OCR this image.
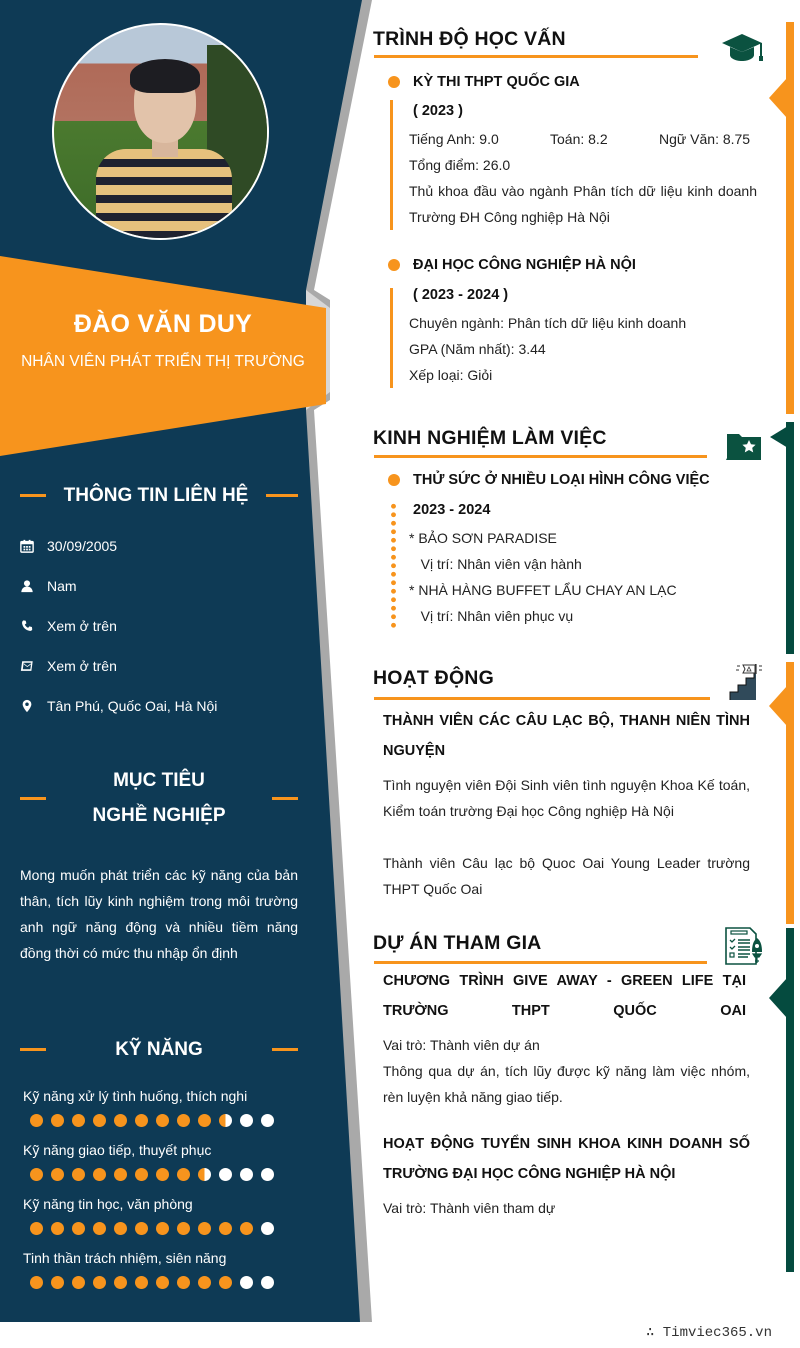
ĐÀO VĂN DUY
NHÂN VIÊN PHÁT TRIỂN THỊ TRƯỜNG
THÔNG TIN LIÊN HỆ
30/09/2005
Nam
Xem ở trên
Xem ở trên
Tân Phú, Quốc Oai, Hà Nội
MỤC TIÊU NGHỀ NGHIỆP
Mong muốn phát triển các kỹ năng của bản thân, tích lũy kinh nghiệm trong môi trường anh ngữ năng động và nhiều tiềm năng đồng thời có mức thu nhập ổn định
KỸ NĂNG
Kỹ năng xử lý tình huống, thích nghi
Kỹ năng giao tiếp, thuyết phục
Kỹ năng tin học, văn phòng
Tinh thần trách nhiệm, siên năng
TRÌNH ĐỘ HỌC VẤN
KỲ THI THPT QUỐC GIA
( 2023 )
Tiếng Anh: 9.0	Toán: 8.2	Ngữ Văn: 8.75
Tổng điểm: 26.0
Thủ khoa đầu vào ngành Phân tích dữ liệu kinh doanh
Trường ĐH Công nghiệp Hà Nội
ĐẠI HỌC CÔNG NGHIỆP HÀ NỘI
( 2023 - 2024 )
Chuyên ngành: Phân tích dữ liệu kinh doanh
GPA (Năm nhất): 3.44
Xếp loại: Giỏi
KINH NGHIỆM LÀM VIỆC
THỬ SỨC Ở NHIỀU LOẠI HÌNH CÔNG VIỆC
2023 - 2024
* BẢO SƠN PARADISE
Vị trí: Nhân viên vận hành
* NHÀ HÀNG BUFFET LẨU CHAY AN LẠC
Vị trí: Nhân viên phục vụ
HOẠT ĐỘNG
THÀNH VIÊN CÁC CÂU LẠC BỘ, THANH NIÊN TÌNH NGUYỆN
Tình nguyện viên Đội Sinh viên tình nguyện Khoa Kế toán, Kiểm toán trường Đại học Công nghiệp Hà Nội
Thành viên Câu lạc bộ Quoc Oai Young Leader trường THPT Quốc Oai
DỰ ÁN THAM GIA
CHƯƠNG TRÌNH GIVE AWAY - GREEN LIFE TẠI TRƯỜNG THPT QUỐC OAI
Vai trò: Thành viên dự án
Thông qua dự án, tích lũy được kỹ năng làm việc nhóm, rèn luyện khả năng giao tiếp.
HOẠT ĐỘNG TUYỂN SINH KHOA KINH DOANH SỐ TRƯỜNG ĐẠI HỌC CÔNG NGHIỆP HÀ NỘI
Vai trò: Thành viên tham dự
∴ Timviec365.vn
